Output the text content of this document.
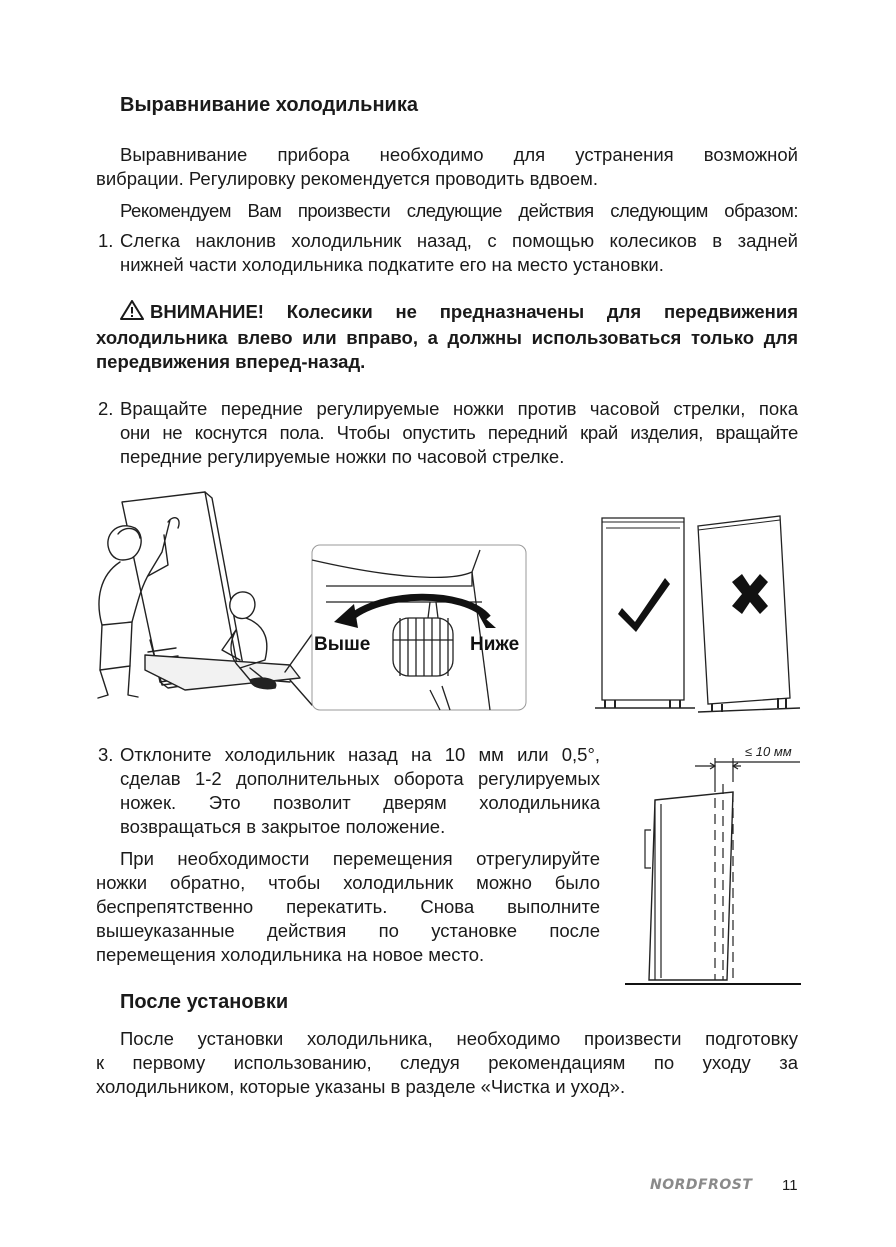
Выравнивание холодильника
Выравнивание прибора необходимо для устранения возможной
вибрации. Регулировку рекомендуется проводить вдвоем.
Рекомендуем Вам произвести следующие действия следующим образом:
1. Слегка наклонив холодильник назад, с помощью колесиков в задней
нижней части холодильника подкатите его на место установки.
ВНИМАНИЕ! Колесики не предназначены для передвижения
холодильника влево или вправо, а должны использоваться только для
передвижения вперед-назад.
2. Вращайте передние регулируемые ножки против часовой стрелки, пока
они не коснутся пола. Чтобы опустить передний край изделия, вращайте
передние регулируемые ножки по часовой стрелке.
Выше	Ниже
3. Отклоните холодильник назад на 10 мм или 0,5°,
сделав 1-2 дополнительных оборота регулируемых
ножек. Это позволит дверям холодильника
возвращаться в закрытое положение.
При необходимости перемещения отрегулируйте
ножки обратно, чтобы холодильник можно было
беспрепятственно перекатить. Снова выполните
вышеуказанные действия по установке после
перемещения холодильника на новое место.
≤ 10 мм
После установки
После установки холодильника, необходимо произвести подготовку
к первому использованию, следуя рекомендациям по уходу за
холодильником, которые указаны в разделе «Чистка и уход».
NORDFROST 11
